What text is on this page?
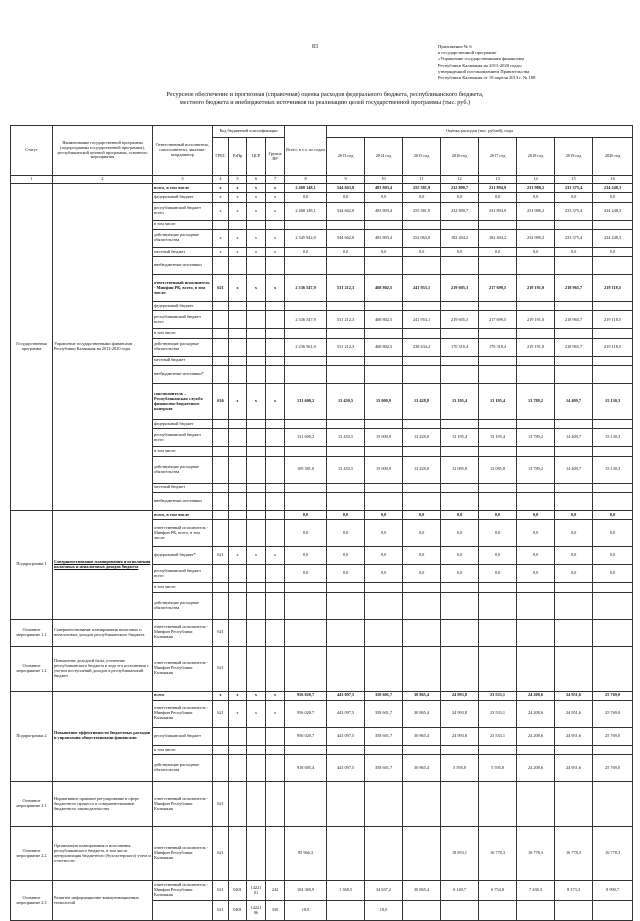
83	Приложение № 6
к государственной программе
«Управление государственными финансами
Республики Калмыкия на 2013-2020 годы»
утвержденной постановлением Правительства
Республики Калмыкия от 18 апреля 2013 г. № 188
Ресурсное обеспечение и прогнозная (справочная) оценка расходов федерального бюджета, республиканского бюджета,
местного бюджета и внебюджетных источников на реализацию целей государственной программы (тыс. руб.)
Статус	Наименование государственной программы (подпрограммы государственной программы), республиканской целевой программы, основного мероприятия	Ответственный исполнитель, соисполнители, заказчик-координатор	Код бюджетной классификации				Всего, в т.ч. по годам	Оценка расходов (тыс. рублей), годы							
			ГРБС	РзПр	ЦСР	Группа ВР		2013 год	2014 год	2015 год	2016 год	2017 год	2018 год	2019 год	2020 год
1	2	3	4	5	6	7	8	9	10	11	12	13	14	15	16
Государственная программа	Управление государственными финансами Республики Калмыкия на 2013-2020 годы	всего, в том числе	х	х	х	х	2 468 148,1	544 663,8	483 803,4	255 381,9	232 800,7	231 894,9	231 980,2	233 375,4	234 248,3
		федеральный бюджет	х	х	х	х	0,0	0,0	0,0	0,0	0,0	0,0	0,0	0,0	0,0
		республиканский бюджет всего	х	х	х	х	2 468 148,1	544 662,8	483 803,4	255 381,9	232 800,7	231 894,9	231 980,2	233 375,4	234 248,3
		в том числе:													
		действующие расходные обязательства	х	х	х	х	2 345 942,0	544 662,8	483 803,4	252 063,0	182 404,2	182 404,2	232 980,2	233 375,4	234 248,3
		местный бюджет	х	х	х	х	0,0	0,0	0,0	0,0	0,0	0,0	0,0	0,0	0,0
		внебюджетные источники													
		ответственный исполнитель - Минфин РК, всего, в том числе:	621	х	х	х	2 336 547,9	531 212,3	468 802,5	241 953,1	219 605,3	217 699,5	219 191,0	218 965,7	219 118,5
		федеральный бюджет													
		республиканский бюджет всего					2 336 547,9	531 212,3	468 802,5	241 953,1	219 605,3	217 699,5	219 191,0	218 965,7	219 118,5
		в том числе:													
		действующие расходные обязательства					2 236 561,0	531 212,3	468 802,5	238 634,2	170 318,4	170 318,4	219 191,0	218 965,7	219 118,5
		местный бюджет													
		внебюджетные источники*													
		соисполнитель – Республиканская служба финансово-бюджетного контроля	636	х	х	х	131 600,2	13 450,5	15 000,9	13 428,8	13 195,4	13 195,4	13 789,2	14 409,7	15 130,3
		федеральный бюджет													
		республиканский бюджет всего					131 600,2	13 450,5	15 000,9	13 428,8	13 195,4	13 195,4	13 789,2	14 409,7	15 130,3
		в том числе:													
		действующие расходные обязательства					109 381,0	13 450,5	15 000,9	13 428,8	12 085,8	12 085,8	13 789,2	14 409,7	15 130,3
		местный бюджет													
		внебюджетные источники													
Подпрограмма 1	Совершенствование планирования и исполнения налоговых и неналоговых доходов бюджета	всего, в том числе					0,0	0,0	0,0	0,0	0,0	0,0	0,0	0,0	0,0
		ответственный исполнитель - Минфин РК, всего, в том числе:					0,0	0,0	0,0	0,0	0,0	0,0	0,0	0,0	0,0
		федеральный бюджет*	621	х	х	х	0,0	0,0	0,0	0,0	0,0	0,0	0,0	0,0	0,0
		республиканский бюджет всего					0,0	0,0	0,0	0,0	0,0	0,0	0,0	0,0	0,0
		в том числе:													
		действующие расходные обязательства													
Основное мероприятие 1.1	Совершенствование планирования налоговых и неналоговых доходов республиканского бюджета	ответственный исполнитель - Минфин Республики Калмыкия	621												
Основное мероприятие 1.2	Повышение доходной базы, уточнение республиканского бюджета в ходе его исполнения с учетом поступлений доходов в республиканский бюджет	ответственный исполнитель - Минфин Республики Калмыкия	621												
Подпрограмма 2	Повышение эффективности бюджетных расходов и управления общественными финансами	всего	х	х	х	х	956 020,7	443 097,5	358 601,7	30 865,4	24 993,8	23 533,1	24 208,6	24 951,6	25 769,0
		ответственный исполнитель - Минфин Республики Калмыкия	621	х	х	х	956 020,7	443 097,5	358 601,7	30 865,4	24 993,8	23 533,1	24 208,6	24 951,6	25 769,0
		республиканский бюджет					956 020,7	443 097,5	358 601,7	30 865,4	24 993,8	23 533,1	24 208,6	24 951,6	25 769,0
		в том числе:													
		действующие расходные обязательства					918 685,4	443 097,5	358 601,7	30 865,4	5 595,8	5 595,8	24 208,6	24 951,6	25 769,0
Основное мероприятие 2.1	Нормативное правовое регулирование в сфере бюджетного процесса и совершенствование бюджетного законодательства	ответственный исполнитель - Минфин Республики Калмыкия	621												
Основное мероприятие 2.2	Организация планирования и исполнения республиканского бюджета, в том числе централизация бюджетного (бухгалтерского) учета и отчетности	ответственный исполнитель - Минфин Республики Калмыкия	621				85 966,3				18 853,1	16 778,3	16 778,3	16 778,3	16 778,3
Основное мероприятие 2.3	Развитие информационно-коммуникационных технологий	ответственный исполнитель - Минфин Республики Калмыкия	621	0401	14221 01	242	104 369,9	1 368,5	34 637,2	30 865,4	6 140,7	6 754,8	7 430,3	8 173,3	8 990,7
			621	0401	14221 06	350	18,0		18,0						
